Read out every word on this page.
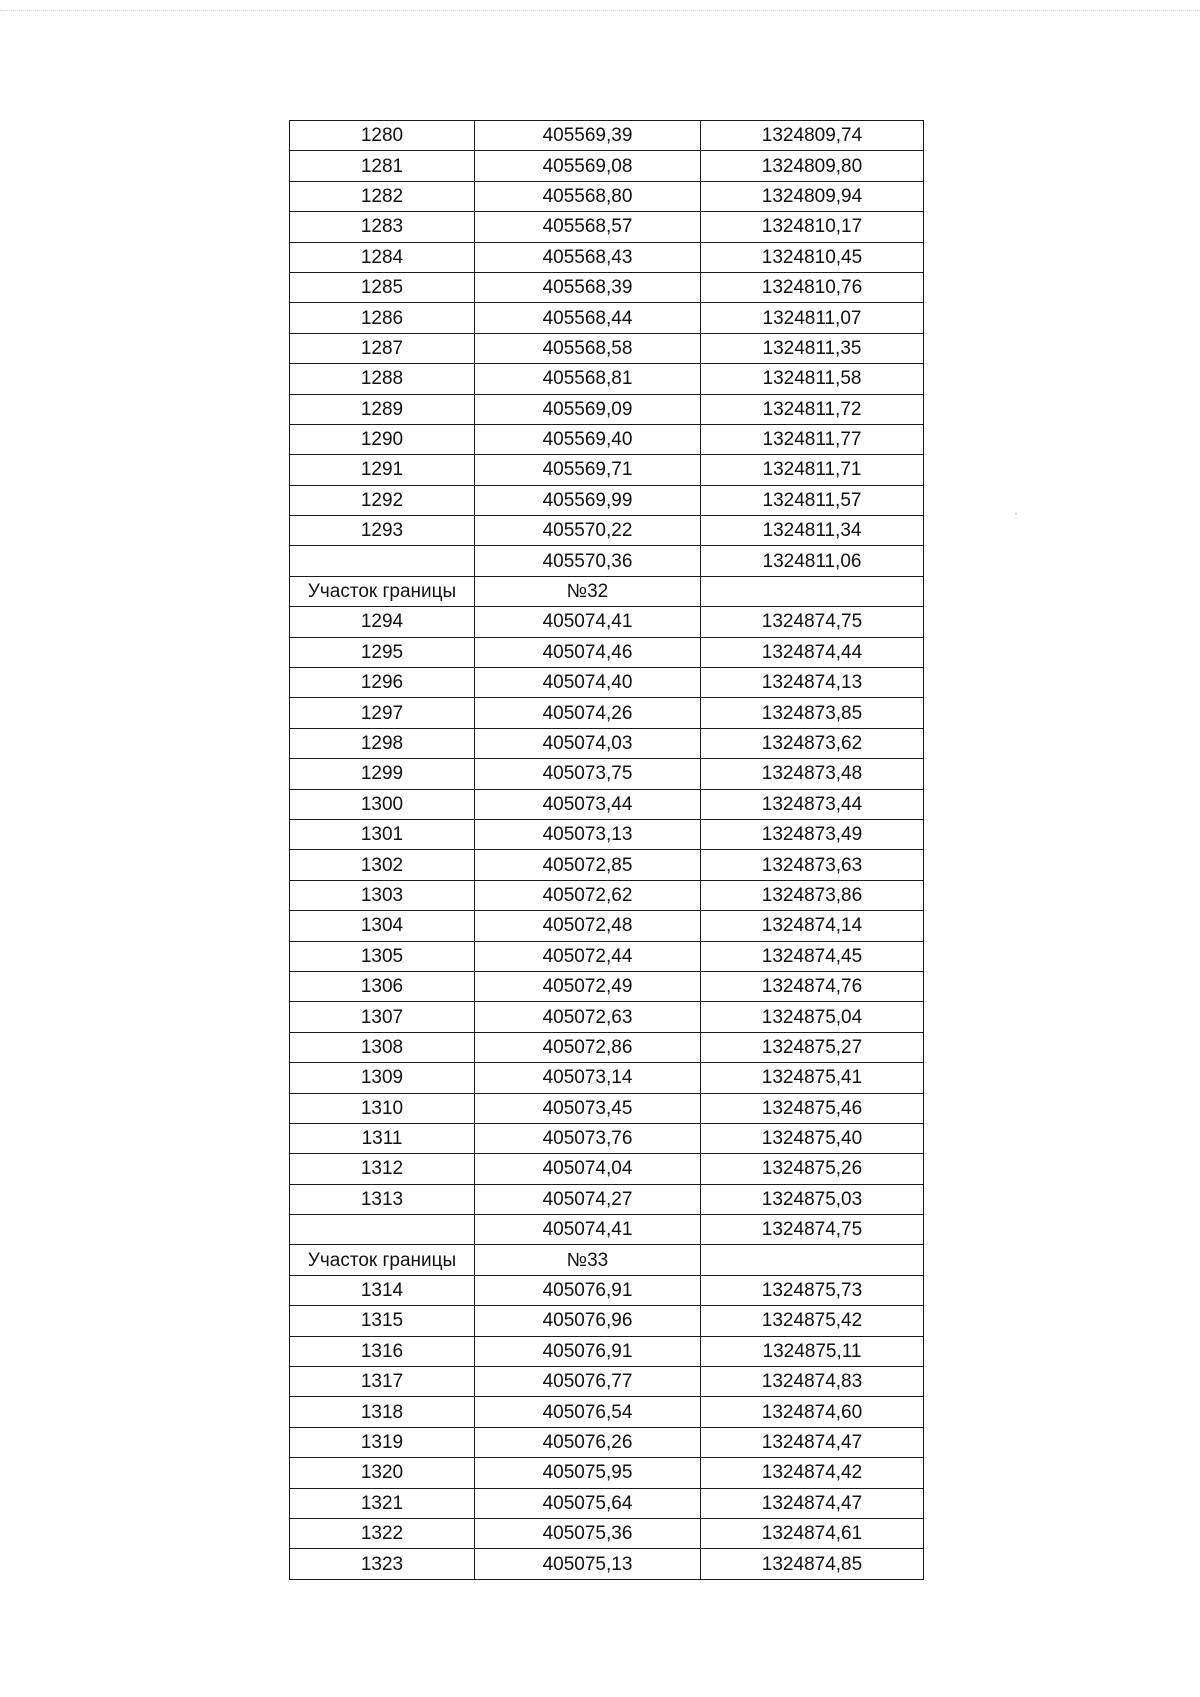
1280	405569,39	1324809,74
1281	405569,08	1324809,80
1282	405568,80	1324809,94
1283	405568,57	1324810,17
1284	405568,43	1324810,45
1285	405568,39	1324810,76
1286	405568,44	1324811,07
1287	405568,58	1324811,35
1288	405568,81	1324811,58
1289	405569,09	1324811,72
1290	405569,40	1324811,77
1291	405569,71	1324811,71
1292	405569,99	1324811,57
1293	405570,22	1324811,34
	405570,36	1324811,06
Участок границы	№32	
1294	405074,41	1324874,75
1295	405074,46	1324874,44
1296	405074,40	1324874,13
1297	405074,26	1324873,85
1298	405074,03	1324873,62
1299	405073,75	1324873,48
1300	405073,44	1324873,44
1301	405073,13	1324873,49
1302	405072,85	1324873,63
1303	405072,62	1324873,86
1304	405072,48	1324874,14
1305	405072,44	1324874,45
1306	405072,49	1324874,76
1307	405072,63	1324875,04
1308	405072,86	1324875,27
1309	405073,14	1324875,41
1310	405073,45	1324875,46
1311	405073,76	1324875,40
1312	405074,04	1324875,26
1313	405074,27	1324875,03
	405074,41	1324874,75
Участок границы	№33	
1314	405076,91	1324875,73
1315	405076,96	1324875,42
1316	405076,91	1324875,11
1317	405076,77	1324874,83
1318	405076,54	1324874,60
1319	405076,26	1324874,47
1320	405075,95	1324874,42
1321	405075,64	1324874,47
1322	405075,36	1324874,61
1323	405075,13	1324874,85
